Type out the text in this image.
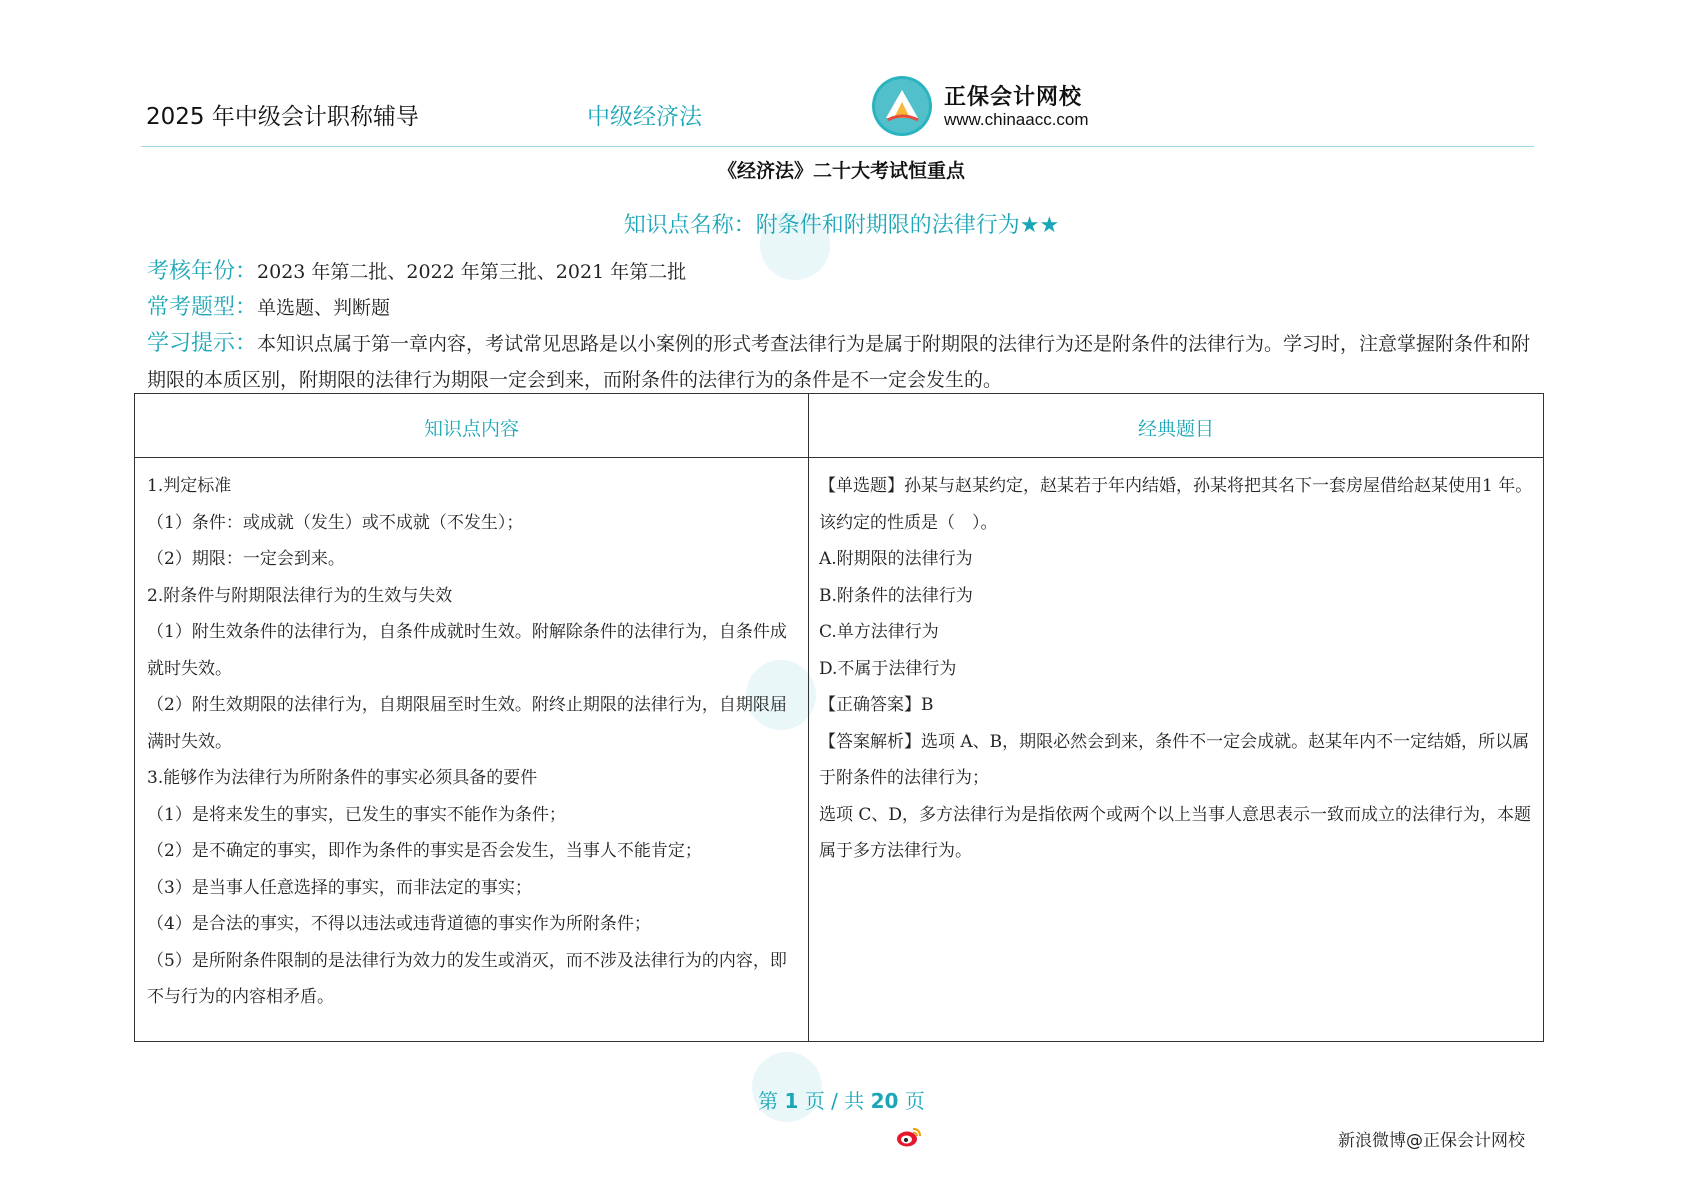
2025 年中级会计职称辅导	中级经济法
正保会计网校
www.chinaacc.com
《经济法》二十大考试恒重点
知识点名称：附条件和附期限的法律行为★★
考核年份：2023 年第二批、2022 年第三批、2021 年第二批
常考题型：单选题、判断题
学习提示：本知识点属于第一章内容，考试常见思路是以小案例的形式考查法律行为是属于附期限的法律行为还是附条件的法律行为。学习时，注意掌握附条件和附期限的本质区别，附期限的法律行为期限一定会到来，而附条件的法律行为的条件是不一定会发生的。
知识点内容	经典题目
1.判定标准
（1）条件：或成就（发生）或不成就（不发生）；
（2）期限：一定会到来。
2.附条件与附期限法律行为的生效与失效
（1）附生效条件的法律行为，自条件成就时生效。附解除条件的法律行为，自条件成就时失效。
（2）附生效期限的法律行为，自期限届至时生效。附终止期限的法律行为，自期限届满时失效。
3.能够作为法律行为所附条件的事实必须具备的要件
（1）是将来发生的事实，已发生的事实不能作为条件；
（2）是不确定的事实，即作为条件的事实是否会发生，当事人不能肯定；
（3）是当事人任意选择的事实，而非法定的事实；
（4）是合法的事实，不得以违法或违背道德的事实作为所附条件；
（5）是所附条件限制的是法律行为效力的发生或消灭，而不涉及法律行为的内容，即不与行为的内容相矛盾。
【单选题】孙某与赵某约定，赵某若于年内结婚，孙某将把其名下一套房屋借给赵某使用1 年。该约定的性质是（　）。
A.附期限的法律行为
B.附条件的法律行为
C.单方法律行为
D.不属于法律行为
【正确答案】B
【答案解析】选项 A、B，期限必然会到来，条件不一定会成就。赵某年内不一定结婚，所以属于附条件的法律行为；
选项 C、D，多方法律行为是指依两个或两个以上当事人意思表示一致而成立的法律行为，本题属于多方法律行为。
第 1 页 / 共 20 页
新浪微博@正保会计网校
